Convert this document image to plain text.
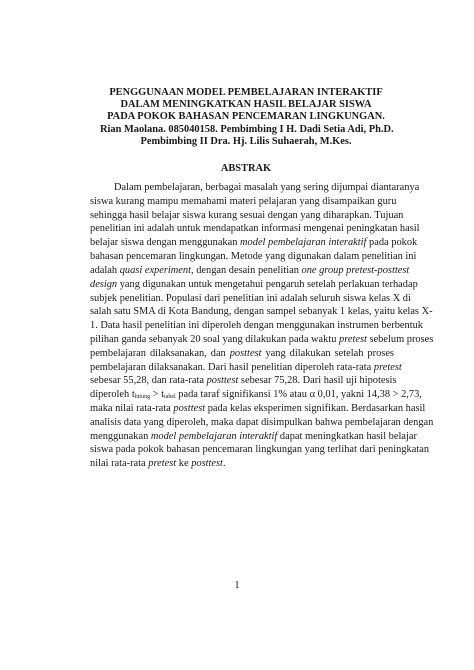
PENGGUNAAN MODEL PEMBELAJARAN INTERAKTIF
DALAM MENINGKATKAN HASIL BELAJAR SISWA
PADA POKOK BAHASAN PENCEMARAN LINGKUNGAN.
Rian Maolana. 085040158. Pembimbing I H. Dadi Setia Adi, Ph.D.
Pembimbing II Dra. Hj. Lilis Suhaerah, M.Kes.
ABSTRAK
Dalam pembelajaran, berbagai masalah yang sering dijumpai diantaranya
siswa kurang mampu memahami materi pelajaran yang disampaikan guru
sehingga hasil belajar siswa kurang sesuai dengan yang diharapkan. Tujuan
penelitian ini adalah untuk mendapatkan informasi mengenai peningkatan hasil
belajar siswa dengan menggunakan model pembelajaran interaktif pada pokok
bahasan pencemaran lingkungan. Metode yang digunakan dalam penelitian ini
adalah quasi experiment, dengan desain penelitian one group pretest-posttest
design yang digunakan untuk mengetahui pengaruh setelah perlakuan terhadap
subjek penelitian. Populasi dari penelitian ini adalah seluruh siswa kelas X di
salah satu SMA di Kota Bandung, dengan sampel sebanyak 1 kelas, yaitu kelas X-
1. Data hasil penelitian ini diperoleh dengan menggunakan instrumen berbentuk
pilihan ganda sebanyak 20 soal yang dilakukan pada waktu pretest sebelum proses
pembelajaran dilaksanakan, dan posttest yang dilakukan setelah proses
pembelajaran dilaksanakan. Dari hasil penelitian diperoleh rata-rata pretest
sebesar 55,28, dan rata-rata posttest sebesar 75,28. Dari hasil uji hipotesis
diperoleh $t_{hitung} > t_{tabel}$ pada taraf signifikansi 1% atau α 0,01, yakni 14,38 > 2,73,
maka nilai rata-rata posttest pada kelas eksperimen signifikan. Berdasarkan hasil
analisis data yang diperoleh, maka dapat disimpulkan bahwa pembelajaran dengan
menggunakan model pembelajaran interaktif dapat meningkatkan hasil belajar
siswa pada pokok bahasan pencemaran lingkungan yang terlihat dari peningkatan
nilai rata-rata pretest ke posttest.
1
